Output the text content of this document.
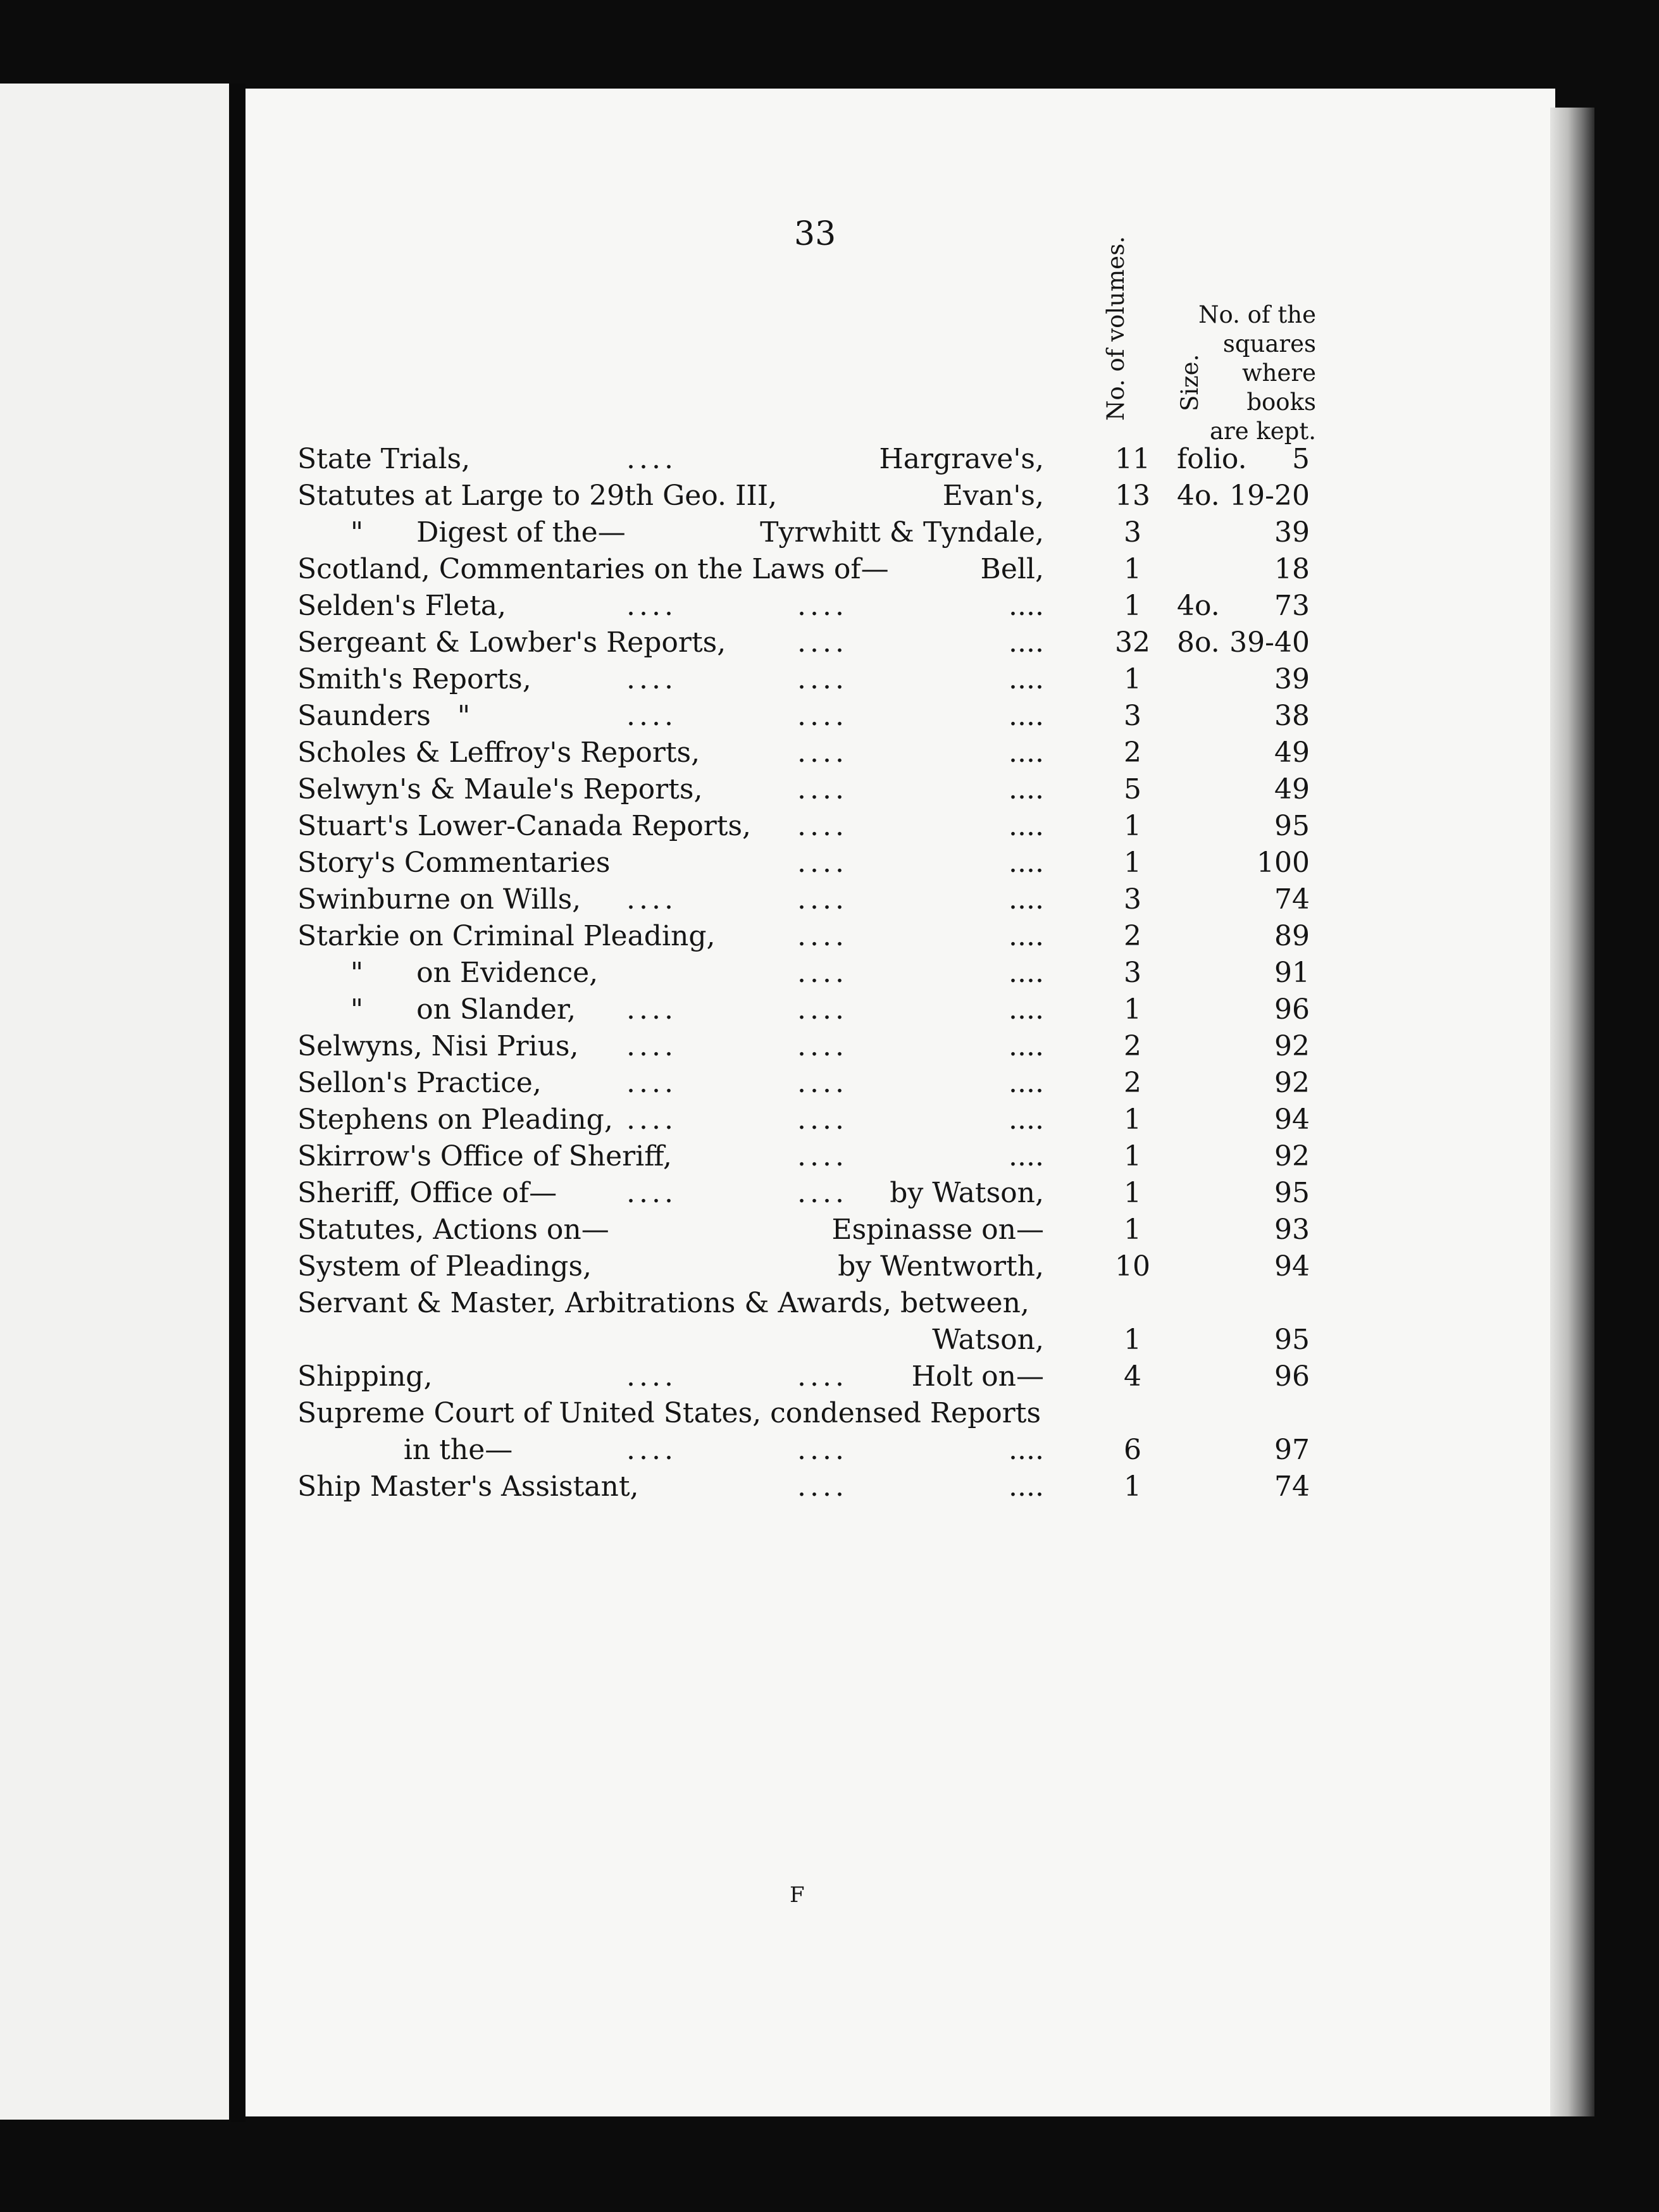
33
No. of volumes. Size.
No. of the
squares
where
books
are kept.
State Trials,	....	Hargrave's,	11 folio. 5
Statutes at Large to 29th Geo. III,	Evan's,	13 4o. 19-20
"      Digest of the—	Tyrwhitt & Tyndale,	3	39
Scotland, Commentaries on the Laws of—	Bell,	1	18
Selden's Fleta,	....	....	....	1	4o. 73
Sergeant & Lowber's Reports,	....	....	32 8o. 39-40
Smith's Reports,	....	....	....	1	39
Saunders   "	....	....	....	3	38
Scholes & Leffroy's Reports,	....	....	2	49
Selwyn's & Maule's Reports,	....	....	5	49
Stuart's Lower-Canada Reports, ....	....	1	95
Story's Commentaries	....	....	1	100
Swinburne on Wills, ....	....	....	3	74
Starkie on Criminal Pleading,	....	....	2	89
"      on Evidence,	....	....	3	91
"      on Slander, ....	....	....	1	96
Selwyns, Nisi Prius, ....	....	....	2	92
Sellon's Practice,	....	....	....	2	92
Stephens on Pleading, ....	....	....	1	94
Skirrow's Office of Sheriff,	....	....	1	92
Sheriff, Office of— ....	.... by Watson,	1	95
Statutes, Actions on—	Espinasse on—	1	93
System of Pleadings,	by Wentworth,	10	94
Servant & Master, Arbitrations & Awards, between,
Watson,	1	95
Shipping,	....	.... Holt on—	4	96
Supreme Court of United States, condensed Reports
in the—	....	....	....	6	97
Ship Master's Assistant,	....	....	1	74
F
